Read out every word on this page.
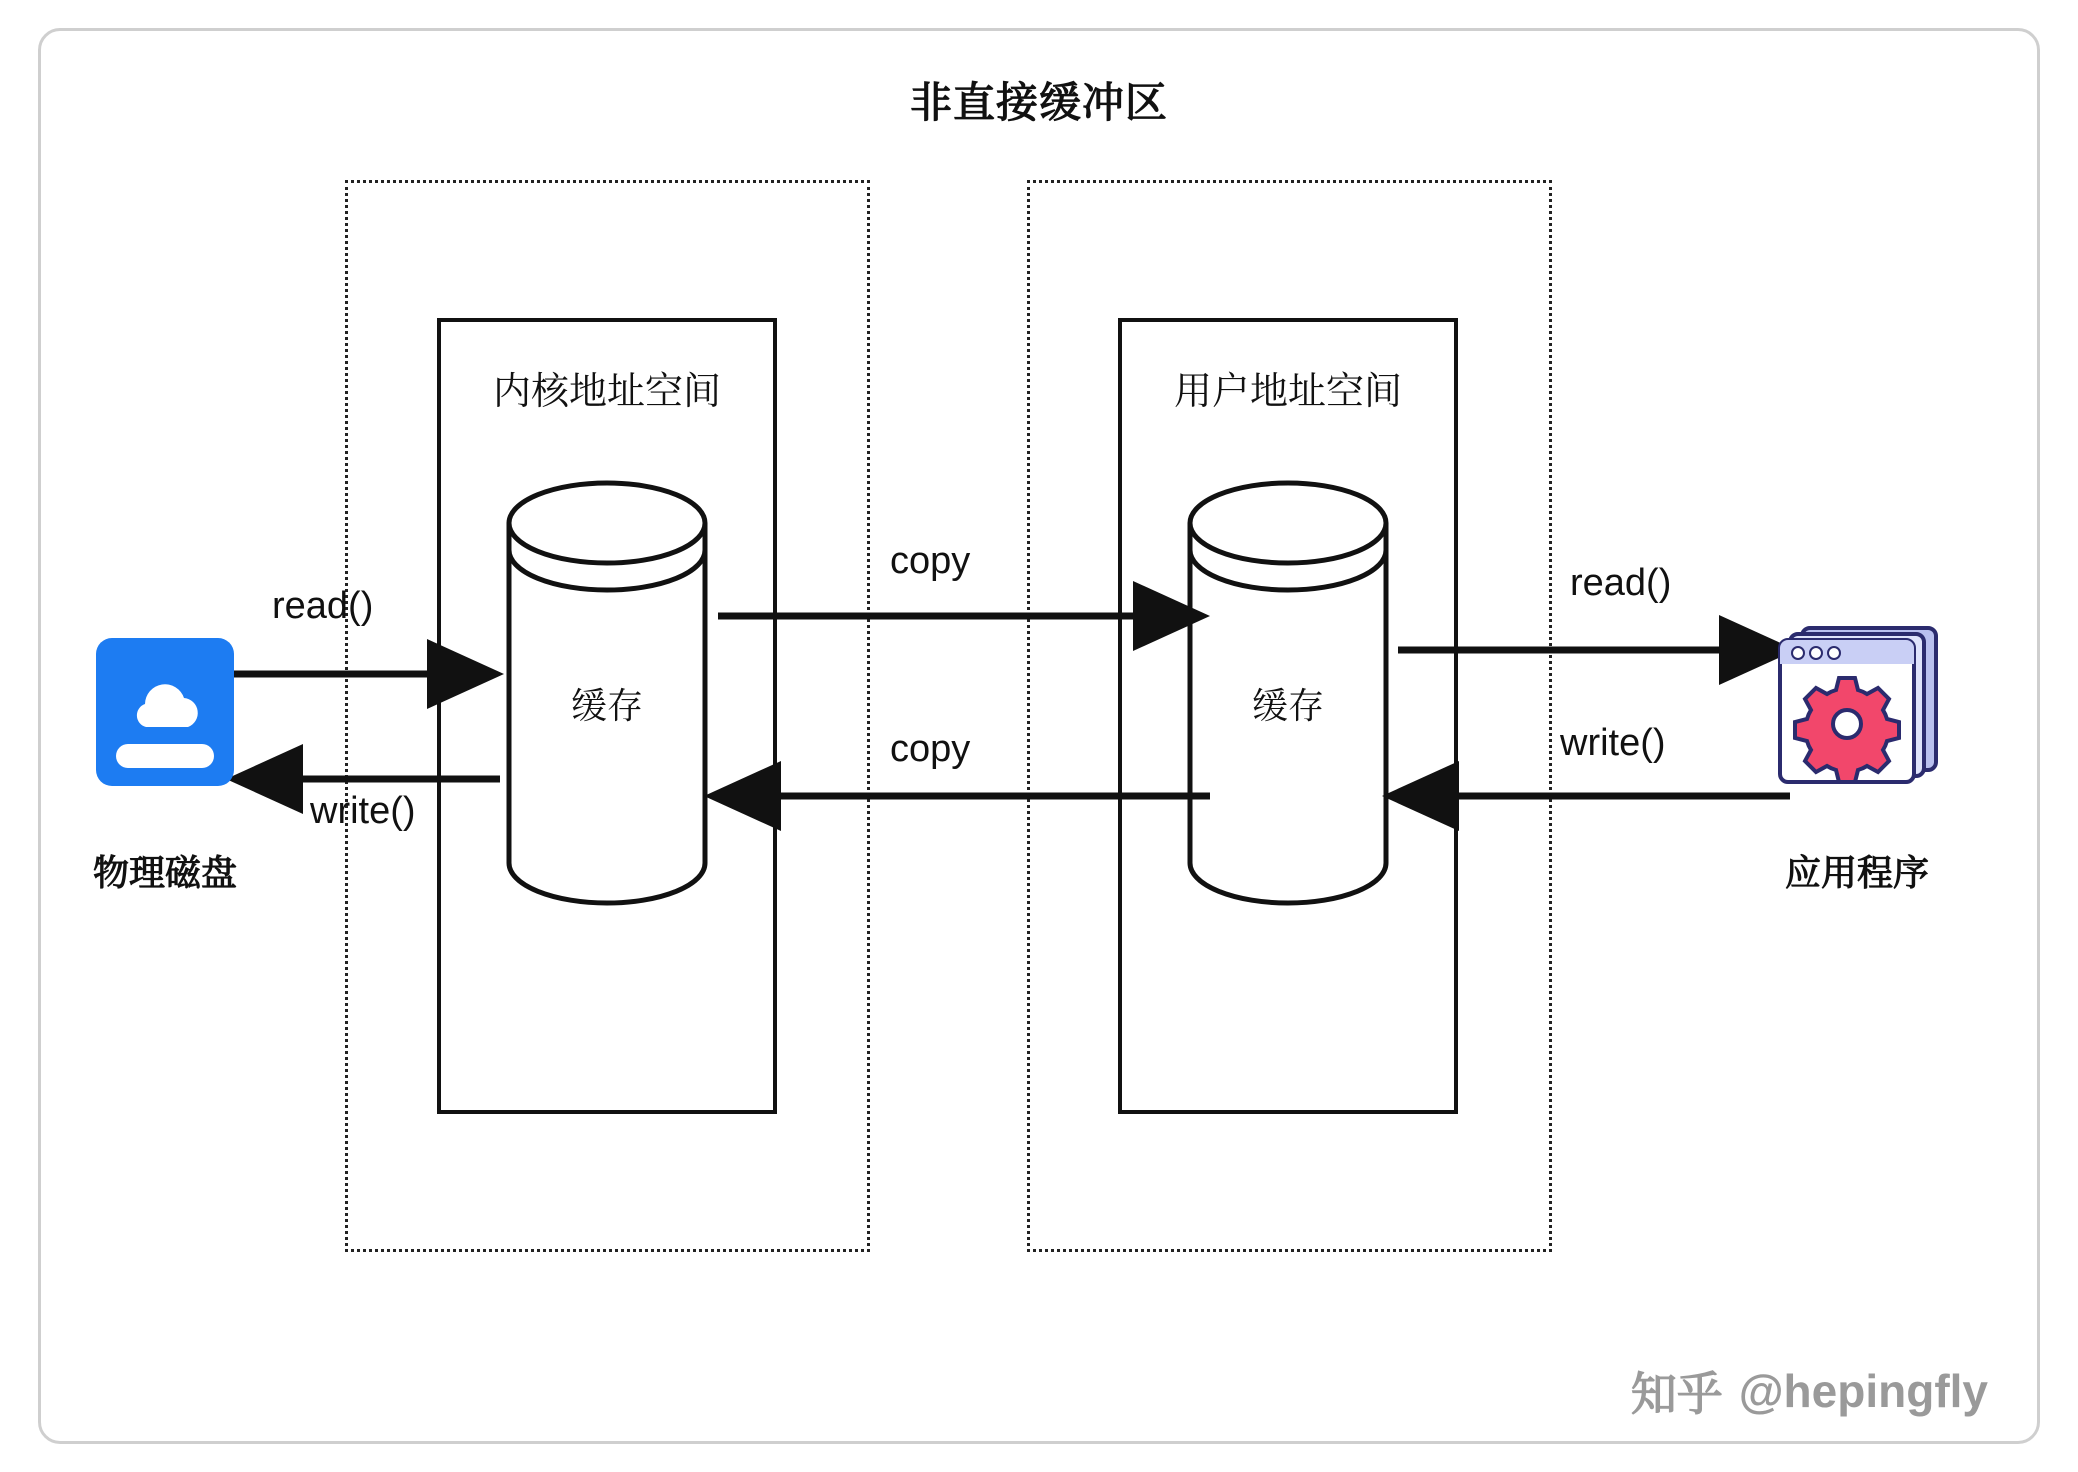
非直接缓冲区
内核地址空间	用户地址空间
缓存	缓存
read()
write()
copy
copy
read()
write()
物理磁盘	应用程序
知乎 @hepingfly
